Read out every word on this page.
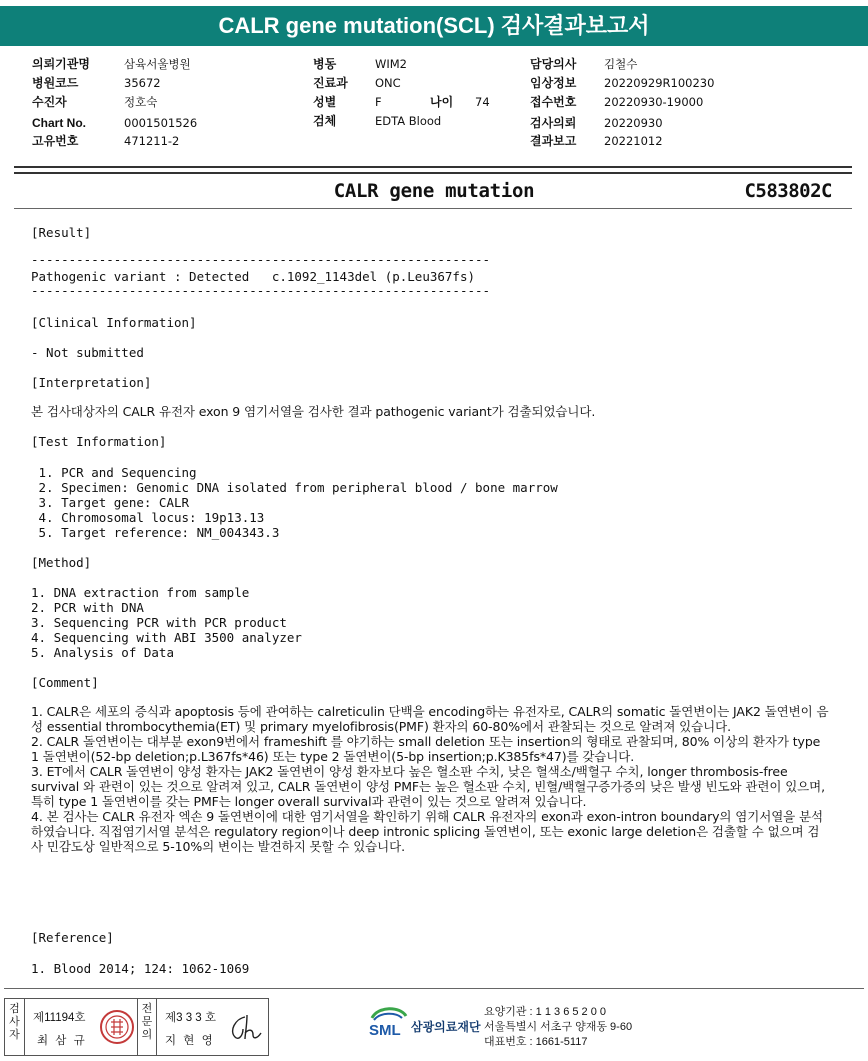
CALR gene mutation(SCL) 검사결과보고서
의뢰기관명	삼육서울병원
병원코드	35672
수진자	정호숙
Chart No.	0001501526
고유번호	471211-2
병동	WIM2
진료과 ONC
성별	F	나이 74
검체	EDTA Blood
담당의사 김철수
임상정보 20220929R100230
접수번호 20220930-19000
검사의뢰 20220930
결과보고 20221012
CALR gene mutation	C583802C
[Result]
-------------------------------------------------------------
Pathogenic variant : Detected   c.1092_1143del (p.Leu367fs)
-------------------------------------------------------------
[Clinical Information]
- Not submitted
[Interpretation]
본 검사대상자의 CALR 유전자 exon 9 염기서열을 검사한 결과 pathogenic variant가 검출되었습니다.
[Test Information]
1. PCR and Sequencing
2. Specimen: Genomic DNA isolated from peripheral blood / bone marrow
3. Target gene: CALR
4. Chromosomal locus: 19p13.13
5. Target reference: NM_004343.3
[Method]
1. DNA extraction from sample
2. PCR with DNA
3. Sequencing PCR with PCR product
4. Sequencing with ABI 3500 analyzer
5. Analysis of Data
[Comment]

1. CALR은 세포의 증식과 apoptosis 등에 관여하는 calreticulin 단백을 encoding하는 유전자로, CALR의 somatic 돌연변이는 JAK2 돌연변이 음성 essential thrombocythemia(ET) 및 primary myelofibrosis(PMF) 환자의 60-80%에서 관찰되는 것으로 알려져 있습니다.

2. CALR 돌연변이는 대부분 exon9번에서 frameshift 를 야기하는 small deletion 또는 insertion의 형태로 관찰되며, 80% 이상의 환자가 type 1 돌연변이(52-bp deletion;p.L367fs*46) 또는 type 2 돌연변이(5-bp insertion;p.K385fs*47)를 갖습니다.

3. ET에서 CALR 돌연변이 양성 환자는 JAK2 돌연변이 양성 환자보다 높은 혈소판 수치, 낮은 혈색소/백혈구 수치, longer thrombosis-free survival 와 관련이 있는 것으로 알려져 있고, CALR 돌연변이 양성 PMF는 높은 혈소판 수치, 빈혈/백혈구증가증의 낮은 발생 빈도와 관련이 있으며, 특히 type 1 돌연변이를 갖는 PMF는 longer overall survival과 관련이 있는 것으로 알려져 있습니다.

4. 본 검사는 CALR 유전자 엑손 9 돌연변이에 대한 염기서열을 확인하기 위해 CALR 유전자의 exon과 exon-intron boundary의 염기서열을 분석 하였습니다. 직접염기서열 분석은 regulatory region이나 deep intronic splicing 돌연변이, 또는 exonic large deletion은 검출할 수 없으며 검사 민감도상 일반적으로 5-10%의 변이는 발견하지 못할 수 있습니다.

[Reference]
1. Blood 2014; 124: 1062-1069
검사자
제11194호
최 삼 규
전문의
제3 3 3 호
지 현 영
SML 삼광의료재단
요양기관 : 1 1 3 6 5 2 0 0
서울특별시 서초구 양재동 9-60
대표번호 : 1661-5117
